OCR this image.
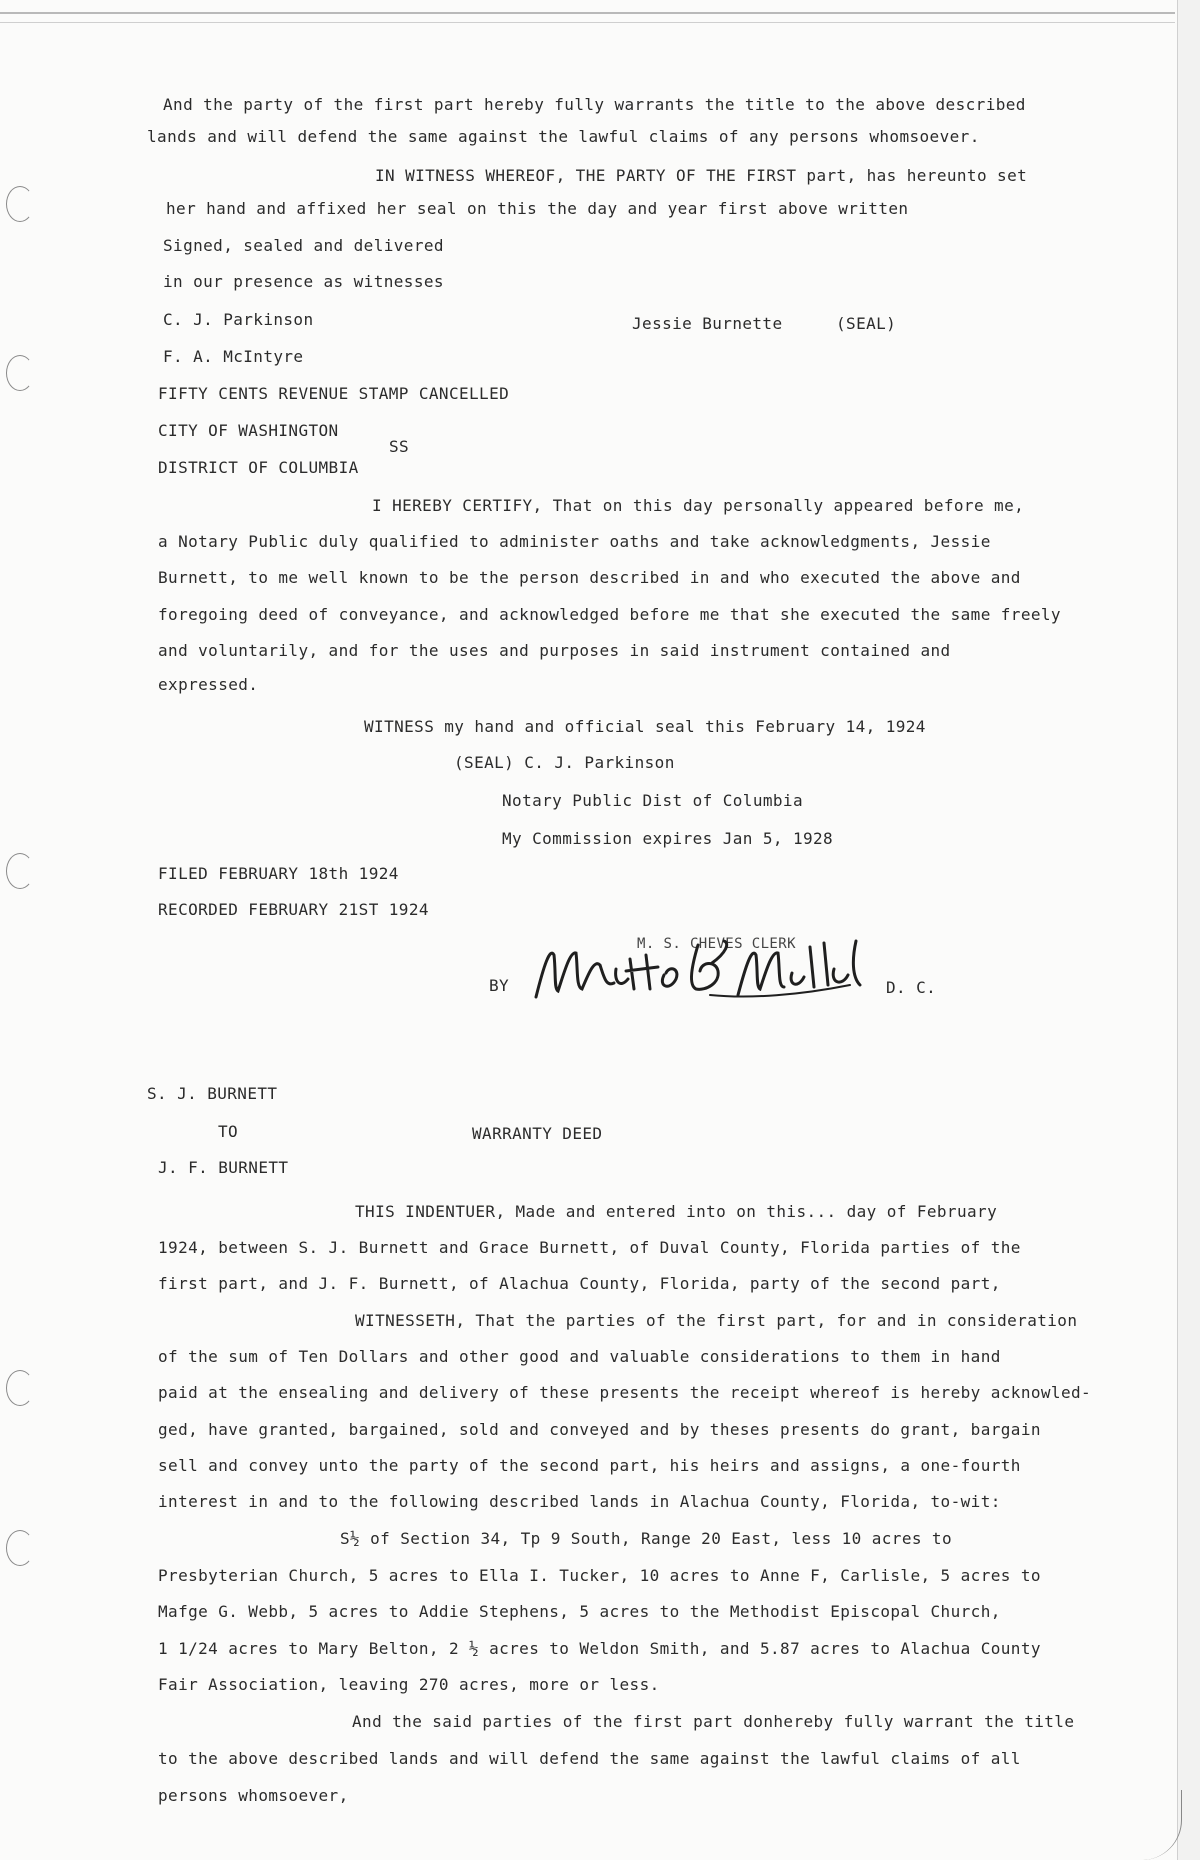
And the party of the first part hereby fully warrants the title to the above described
lands and will defend the same against the lawful claims of any persons whomsoever.
IN WITNESS WHEREOF, THE PARTY OF THE FIRST part, has hereunto set
her hand and affixed her seal on this the day and year first above written
Signed, sealed and delivered
in our presence as witnesses
C. J. Parkinson	Jessie Burnette	(SEAL)
F. A. McIntyre
FIFTY CENTS REVENUE STAMP CANCELLED
CITY OF WASHINGTON
SS
DISTRICT OF COLUMBIA
I HEREBY CERTIFY, That on this day personally appeared before me,
a Notary Public duly qualified to administer oaths and take acknowledgments, Jessie
Burnett, to me well known to be the person described in and who executed the above and
foregoing deed of conveyance, and acknowledged before me that she executed the same freely
and voluntarily, and for the uses and purposes in said instrument contained and
expressed.
WITNESS my hand and official seal this February 14, 1924
(SEAL) C. J. Parkinson
Notary Public Dist of Columbia
My Commission expires Jan 5, 1928
FILED FEBRUARY 18th 1924
RECORDED FEBRUARY 21ST 1924
BY
M. S. CHEVES CLERK
D. C.
S. J. BURNETT
TO	WARRANTY DEED
J. F. BURNETT
THIS INDENTUER, Made and entered into on this... day of February
1924, between S. J. Burnett and Grace Burnett, of Duval County, Florida parties of the
first part, and J. F. Burnett, of Alachua County, Florida, party of the second part,
WITNESSETH, That the parties of the first part, for and in consideration
of the sum of Ten Dollars and other good and valuable considerations to them in hand
paid at the ensealing and delivery of these presents the receipt whereof is hereby acknowled-
ged, have granted, bargained, sold and conveyed and by theses presents do grant, bargain
sell and convey unto the party of the second part, his heirs and assigns, a one-fourth
interest in and to the following described lands in Alachua County, Florida, to-wit:
S½ of Section 34, Tp 9 South, Range 20 East, less 10 acres to
Presbyterian Church, 5 acres to Ella I. Tucker, 10 acres to Anne F, Carlisle, 5 acres to
Mafge G. Webb, 5 acres to Addie Stephens, 5 acres to the Methodist Episcopal Church,
1 1/24 acres to Mary Belton, 2 ½ acres to Weldon Smith, and 5.87 acres to Alachua County
Fair Association, leaving 270 acres, more or less.
And the said parties of the first part donhereby fully warrant the title
to the above described lands and will defend the same against the lawful claims of all
persons whomsoever,
